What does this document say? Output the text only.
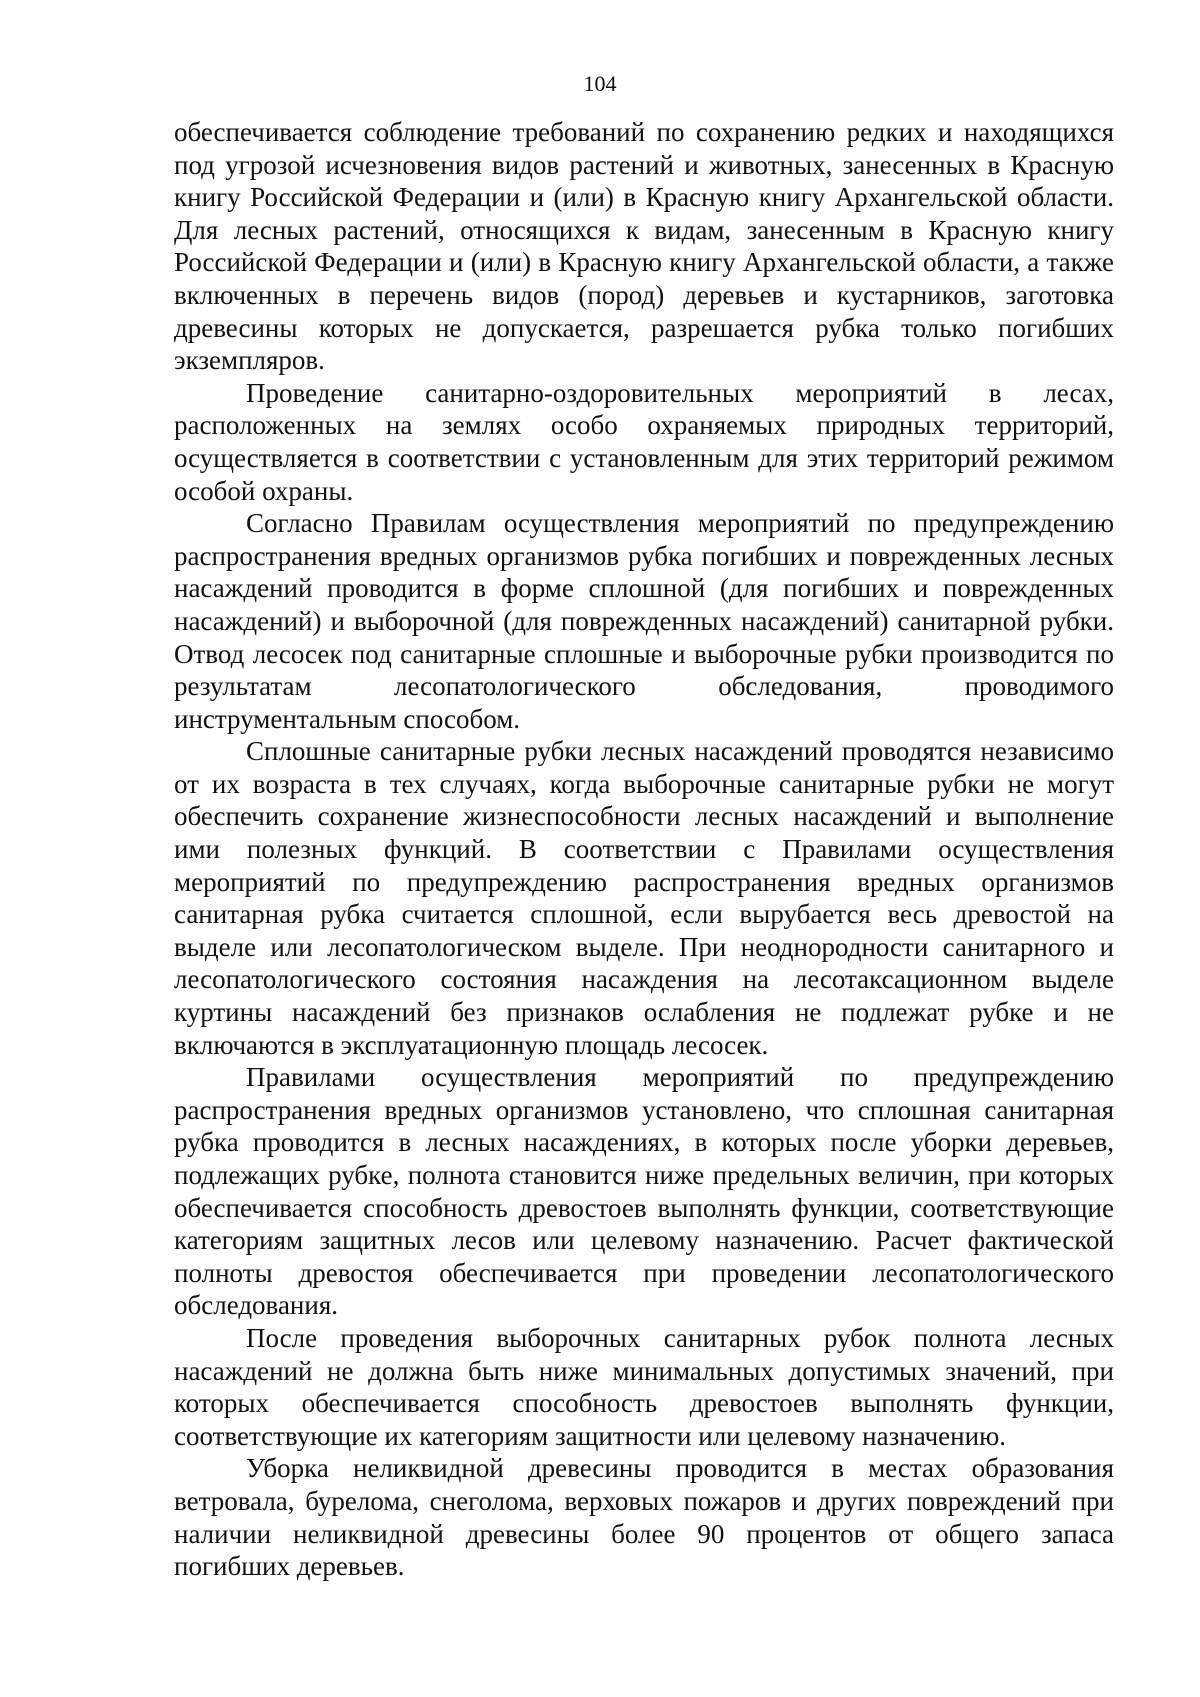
104

обеспечивается соблюдение требований по сохранению редких и находящихся под угрозой исчезновения видов растений и животных, занесенных в Красную книгу Российской Федерации и (или) в Красную книгу Архангельской области. Для лесных растений, относящихся к видам, занесенным в Красную книгу Российской Федерации и (или) в Красную книгу Архангельской области, а также включенных в перечень видов (пород) деревьев и кустарников, заготовка древесины которых не допускается, разрешается рубка только погибших экземпляров.

Проведение санитарно-оздоровительных мероприятий в лесах, расположенных на землях особо охраняемых природных территорий, осуществляется в соответствии с установленным для этих территорий режимом особой охраны.

Согласно Правилам осуществления мероприятий по предупреждению распространения вредных организмов рубка погибших и поврежденных лесных насаждений проводится в форме сплошной (для погибших и поврежденных насаждений) и выборочной (для поврежденных насаждений) санитарной рубки. Отвод лесосек под санитарные сплошные и выборочные рубки производится по результатам лесопатологического обследования, проводимого инструментальным способом.

Сплошные санитарные рубки лесных насаждений проводятся независимо от их возраста в тех случаях, когда выборочные санитарные рубки не могут обеспечить сохранение жизнеспособности лесных насаждений и выполнение ими полезных функций. В соответствии с Правилами осуществления мероприятий по предупреждению распространения вредных организмов санитарная рубка считается сплошной, если вырубается весь древостой на выделе или лесопатологическом выделе. При неоднородности санитарного и лесопатологического состояния насаждения на лесотаксационном выделе куртины насаждений без признаков ослабления не подлежат рубке и не включаются в эксплуатационную площадь лесосек.

Правилами осуществления мероприятий по предупреждению распространения вредных организмов установлено, что сплошная санитарная рубка проводится в лесных насаждениях, в которых после уборки деревьев, подлежащих рубке, полнота становится ниже предельных величин, при которых обеспечивается способность древостоев выполнять функции, соответствующие категориям защитных лесов или целевому назначению. Расчет фактической полноты древостоя обеспечивается при проведении лесопатологического обследования.

После проведения выборочных санитарных рубок полнота лесных насаждений не должна быть ниже минимальных допустимых значений, при которых обеспечивается способность древостоев выполнять функции, соответствующие их категориям защитности или целевому назначению.

Уборка неликвидной древесины проводится в местах образования ветровала, бурелома, снеголома, верховых пожаров и других повреждений при наличии неликвидной древесины более 90 процентов от общего запаса погибших деревьев.
